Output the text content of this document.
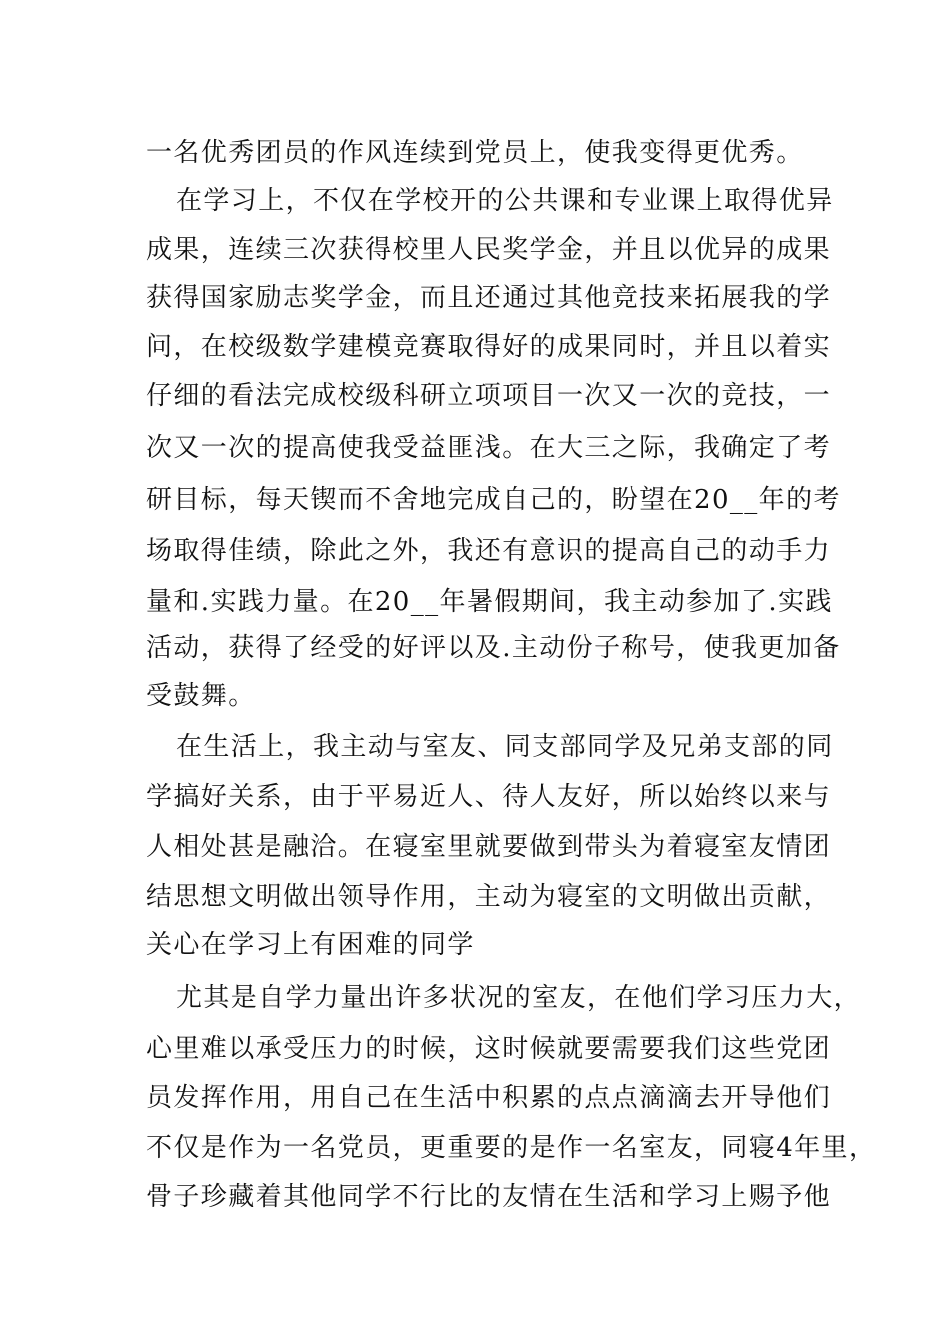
一名优秀团员的作风连续到党员上，使我变得更优秀。
在学习上，不仅在学校开的公共课和专业课上取得优异
成果，连续三次获得校里人民奖学金，并且以优异的成果
获得国家励志奖学金，而且还通过其他竞技来拓展我的学
问，在校级数学建模竞赛取得好的成果同时，并且以着实
仔细的看法完成校级科研立项项目一次又一次的竞技，一
次又一次的提高使我受益匪浅。在大三之际，我确定了考
研目标，每天锲而不舍地完成自己的，盼望在20__年的考
场取得佳绩，除此之外，我还有意识的提高自己的动手力
量和.实践力量。在20__年暑假期间，我主动参加了.实践
活动，获得了经受的好评以及.主动份子称号，使我更加备
受鼓舞。
在生活上，我主动与室友、同支部同学及兄弟支部的同
学搞好关系，由于平易近人、待人友好，所以始终以来与
人相处甚是融洽。在寝室里就要做到带头为着寝室友情团
结思想文明做出领导作用，主动为寝室的文明做出贡献，
关心在学习上有困难的同学
尤其是自学力量出许多状况的室友，在他们学习压力大，
心里难以承受压力的时候，这时候就要需要我们这些党团
员发挥作用，用自己在生活中积累的点点滴滴去开导他们
不仅是作为一名党员，更重要的是作一名室友，同寝4年里，
骨子珍藏着其他同学不行比的友情在生活和学习上赐予他
